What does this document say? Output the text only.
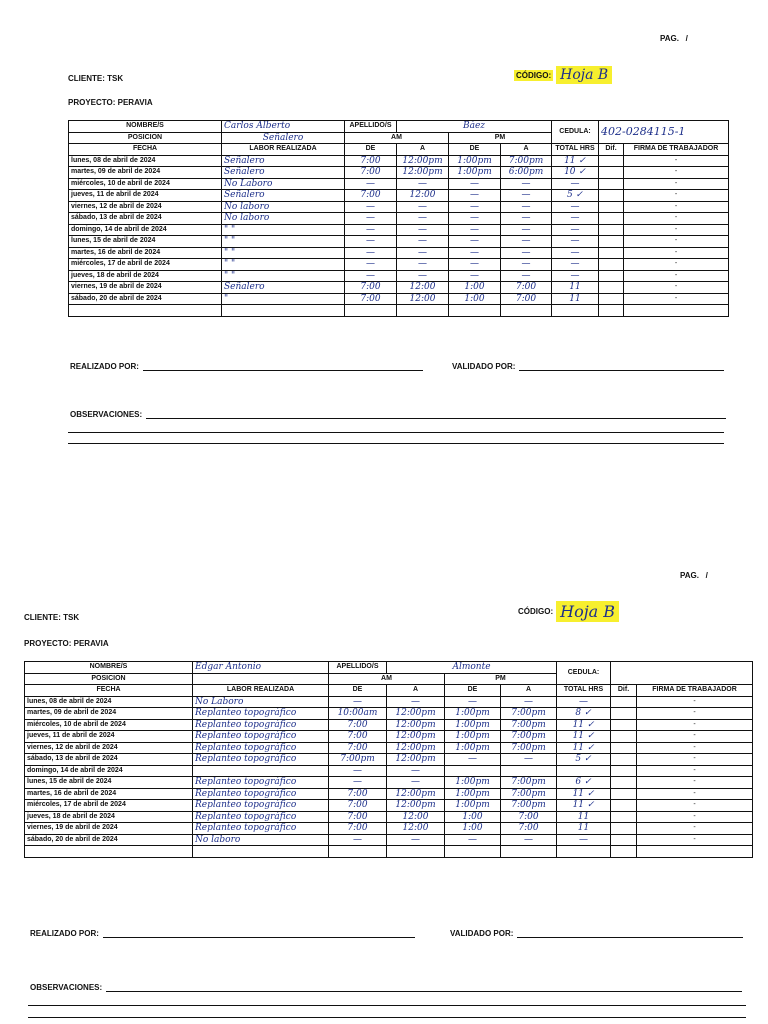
PAG. /
CLIENTE: TSK	CÓDIGO: Hoja B
PROYECTO: PERAVIA
NOMBRE/S	Carlos Alberto	APELLIDO/S	Báez			CEDULA:	402-0284115-1	

POSICION	Señalero	AM		PM				
FECHA	LABOR REALIZADA	DE	A	DE	A	TOTAL HRS	Dif.	FIRMA DE TRABAJADOR
lunes, 08 de abril de 2024	Señalero	7:00	12:00pm	1:00pm	7:00pm	11 ✓		-
martes, 09 de abril de 2024	Señalero	7:00	12:00pm	1:00pm	6:00pm	10 ✓		-
miércoles, 10 de abril de 2024	No Laboro	—	—	—	—	—		-
jueves, 11 de abril de 2024	Señalero	7:00	12:00	—	—	5 ✓		-
viernes, 12 de abril de 2024	No laboro	—	—	—	—	—		-
sábado, 13 de abril de 2024	No laboro	—	—	—	—	—		-
domingo, 14 de abril de 2024	" "	—	—	—	—	—		-
lunes, 15 de abril de 2024	" "	—	—	—	—	—		-
martes, 16 de abril de 2024	" "	—	—	—	—	—		-
miércoles, 17 de abril de 2024	" "	—	—	—	—	—		-
jueves, 18 de abril de 2024	" "	—	—	—	—	—		-
viernes, 19 de abril de 2024	Señalero	7:00	12:00	1:00	7:00	11		-
sábado, 20 de abril de 2024	"	7:00	12:00	1:00	7:00	11		-

REALIZADO POR:	VALIDADO POR:
OBSERVACIONES:
PAG. /
CLIENTE: TSK
CÓDIGO: Hoja B
PROYECTO: PERAVIA
NOMBRE/S	Edgar Antonio	APELLIDO/S	Almonte			CEDULA:		

POSICION		AM		PM				
FECHA	LABOR REALIZADA	DE	A	DE	A	TOTAL HRS	Dif.	FIRMA DE TRABAJADOR
lunes, 08 de abril de 2024	No Laboro	—	—	—	—	—		-
martes, 09 de abril de 2024	Replanteo topográfico	10:00am	12:00pm	1:00pm	7:00pm	8 ✓		-
miércoles, 10 de abril de 2024	Replanteo topográfico	7:00	12:00pm	1:00pm	7:00pm	11 ✓		-
jueves, 11 de abril de 2024	Replanteo topográfico	7:00	12:00pm	1:00pm	7:00pm	11 ✓		-
viernes, 12 de abril de 2024	Replanteo topográfico	7:00	12:00pm	1:00pm	7:00pm	11 ✓		-
sábado, 13 de abril de 2024	Replanteo topográfico	7:00pm	12:00pm	—	—	5 ✓		-
domingo, 14 de abril de 2024		—	—					-
lunes, 15 de abril de 2024	Replanteo topográfico	—	—	1:00pm	7:00pm	6 ✓		-
martes, 16 de abril de 2024	Replanteo topográfico	7:00	12:00pm	1:00pm	7:00pm	11 ✓		-
miércoles, 17 de abril de 2024	Replanteo topográfico	7:00	12:00pm	1:00pm	7:00pm	11 ✓		-
jueves, 18 de abril de 2024	Replanteo topográfico	7:00	12:00	1:00	7:00	11		-
viernes, 19 de abril de 2024	Replanteo topográfico	7:00	12:00	1:00	7:00	11		-
sábado, 20 de abril de 2024	No laboro	—	—	—	—	—		-

REALIZADO POR:	VALIDADO POR:
OBSERVACIONES:
